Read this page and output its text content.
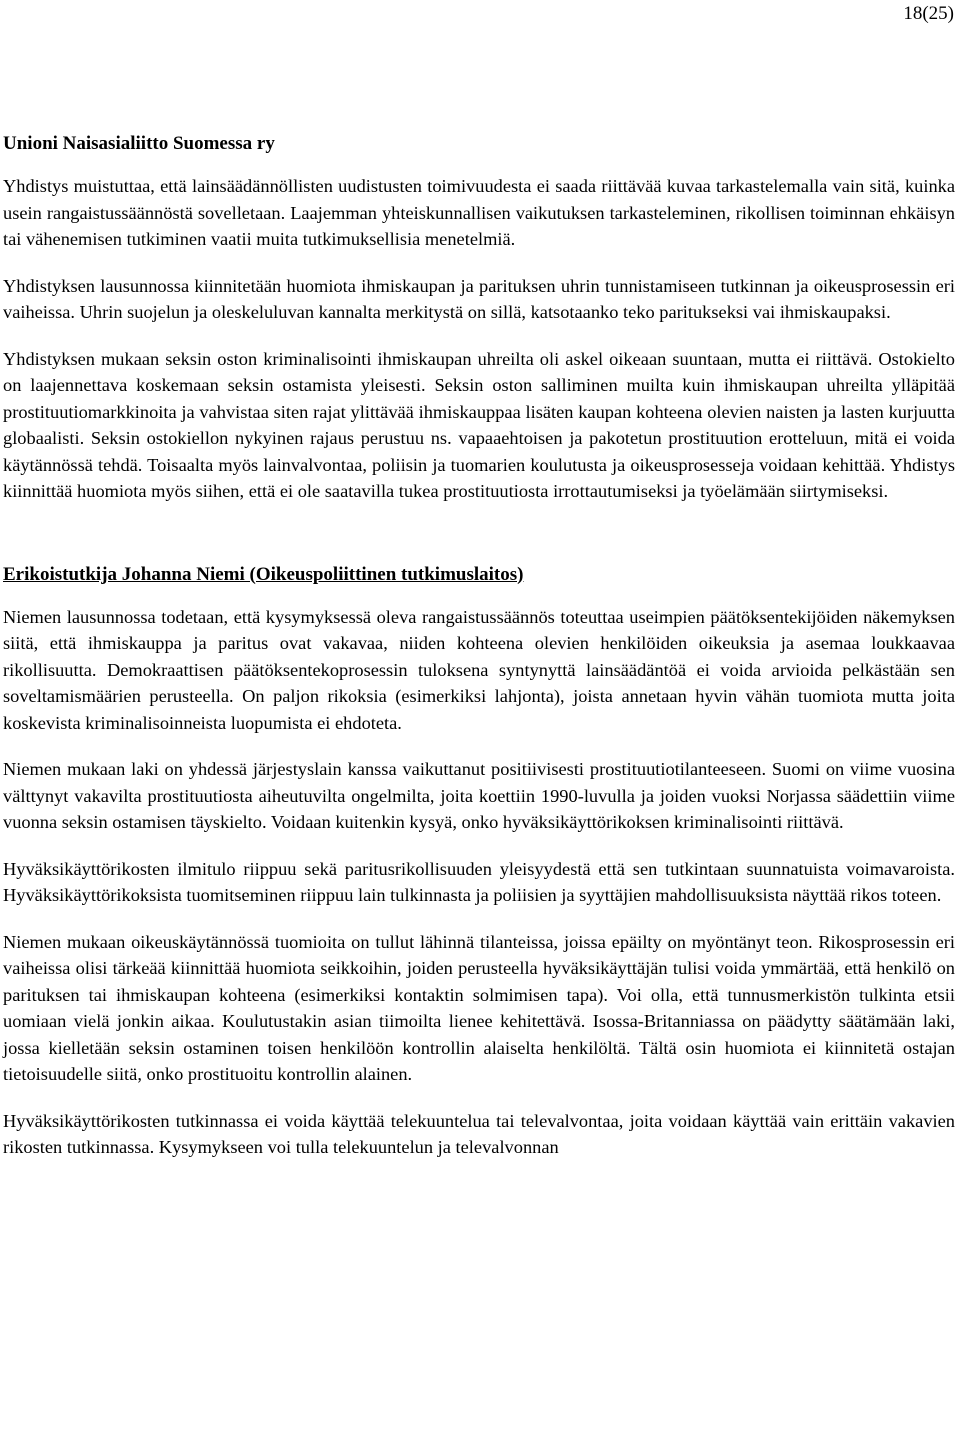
18(25)
Unioni Naisasialiitto Suomessa ry

Yhdistys muistuttaa, että lainsäädännöllisten uudistusten toimivuudesta ei saada riittävää kuvaa tarkastelemalla vain sitä, kuinka usein rangaistussäännöstä sovelletaan. Laajemman yhteiskunnallisen vaikutuksen tarkasteleminen, rikollisen toiminnan ehkäisyn tai vähenemisen tutkiminen vaatii muita tutkimuksellisia menetelmiä.

Yhdistyksen lausunnossa kiinnitetään huomiota ihmiskaupan ja parituksen uhrin tunnistamiseen tutkinnan ja oikeusprosessin eri vaiheissa. Uhrin suojelun ja oleskeluluvan kannalta merkitystä on sillä, katsotaanko teko paritukseksi vai ihmiskaupaksi.

Yhdistyksen mukaan seksin oston kriminalisointi ihmiskaupan uhreilta oli askel oikeaan suuntaan, mutta ei riittävä. Ostokielto on laajennettava koskemaan seksin ostamista yleisesti. Seksin oston salliminen muilta kuin ihmiskaupan uhreilta ylläpitää prostituutiomarkkinoita ja vahvistaa siten rajat ylittävää ihmiskauppaa lisäten kaupan kohteena olevien naisten ja lasten kurjuutta globaalisti. Seksin ostokiellon nykyinen rajaus perustuu ns. vapaaehtoisen ja pakotetun prostituution erotteluun, mitä ei voida käytännössä tehdä. Toisaalta myös lainvalvontaa, poliisin ja tuomarien koulutusta ja oikeusprosesseja voidaan kehittää. Yhdistys kiinnittää huomiota myös siihen, että ei ole saatavilla tukea prostituutiosta irrottautumiseksi ja työelämään siirtymiseksi.

Erikoistutkija Johanna Niemi (Oikeuspoliittinen tutkimuslaitos)

Niemen lausunnossa todetaan, että kysymyksessä oleva rangaistussäännös toteuttaa useimpien päätöksentekijöiden näkemyksen siitä, että ihmiskauppa ja paritus ovat vakavaa, niiden kohteena olevien henkilöiden oikeuksia ja asemaa loukkaavaa rikollisuutta. Demokraattisen päätöksentekoprosessin tuloksena syntynyttä lainsäädäntöä ei voida arvioida pelkästään sen soveltamismäärien perusteella. On paljon rikoksia (esimerkiksi lahjonta), joista annetaan hyvin vähän tuomiota mutta joita koskevista kriminalisoinneista luopumista ei ehdoteta.

Niemen mukaan laki on yhdessä järjestyslain kanssa vaikuttanut positiivisesti prostituutiotilanteeseen. Suomi on viime vuosina välttynyt vakavilta prostituutiosta aiheutuvilta ongelmilta, joita koettiin 1990-luvulla ja joiden vuoksi Norjassa säädettiin viime vuonna seksin ostamisen täyskielto. Voidaan kuitenkin kysyä, onko hyväksikäyttörikoksen kriminalisointi riittävä.

Hyväksikäyttörikosten ilmitulo riippuu sekä paritusrikollisuuden yleisyydestä että sen tutkintaan suunnatuista voimavaroista. Hyväksikäyttörikoksista tuomitseminen riippuu lain tulkinnasta ja poliisien ja syyttäjien mahdollisuuksista näyttää rikos toteen.

Niemen mukaan oikeuskäytännössä tuomioita on tullut lähinnä tilanteissa, joissa epäilty on myöntänyt teon. Rikosprosessin eri vaiheissa olisi tärkeää kiinnittää huomiota seikkoihin, joiden perusteella hyväksikäyttäjän tulisi voida ymmärtää, että henkilö on parituksen tai ihmiskaupan kohteena (esimerkiksi kontaktin solmimisen tapa). Voi olla, että tunnusmerkistön tulkinta etsii uomiaan vielä jonkin aikaa. Koulutustakin asian tiimoilta lienee kehitettävä. Isossa-Britanniassa on päädytty säätämään laki, jossa kielletään seksin ostaminen toisen henkilöön kontrollin alaiselta henkilöltä. Tältä osin huomiota ei kiinnitetä ostajan tietoisuudelle siitä, onko prostituoitu kontrollin alainen.

Hyväksikäyttörikosten tutkinnassa ei voida käyttää telekuuntelua tai televalvontaa, joita voidaan käyttää vain erittäin vakavien rikosten tutkinnassa. Kysymykseen voi tulla telekuuntelun ja televalvonnan
